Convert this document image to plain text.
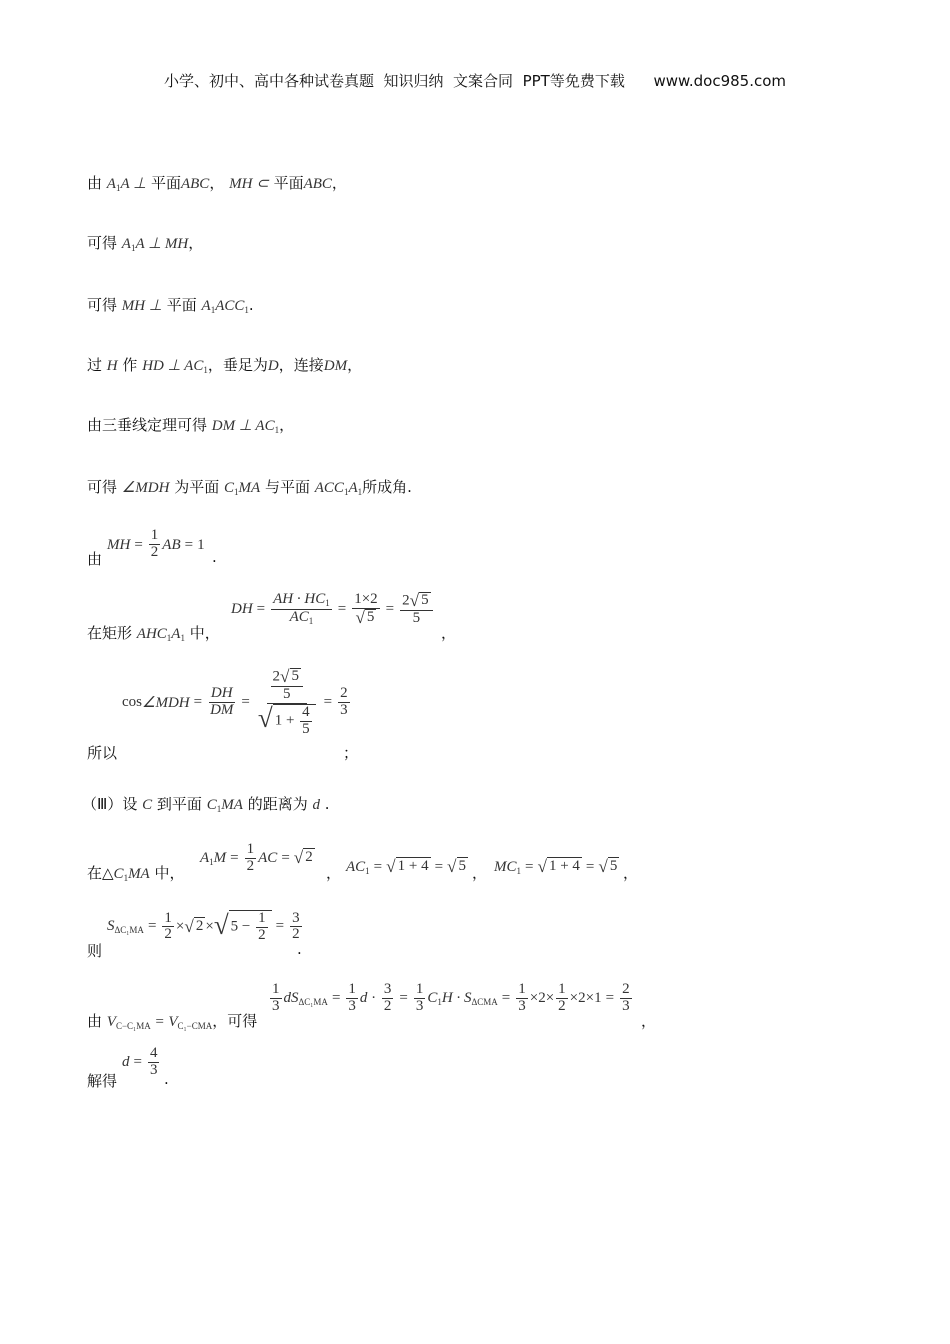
小学、初中、高中各种试卷真题  知识归纳  文案合同  PPT等免费下载      www.doc985.com
由 $A_1A$ ⊥ 平面ABC， MH ⊂ 平面ABC，
可得 $A_1A$ ⊥ MH，
可得 MH ⊥ 平面 $A_1ACC_1$.
过 H 作 HD ⊥ $AC_1$，垂足为D，连接DM，
由三垂线定理可得 DM ⊥ $AC_1$，
可得 ∠MDH 为平面 $C_1MA$ 与平面 $ACC_1A_1$所成角.
由
MH = $\frac{1}{2}$ AB = 1
.
在矩形 $AHC_1A_1$ 中，
DH = $\frac{AH \cdot HC_1}{AC_1} = \frac{1\times 2}{√ 5} = \frac{2 √ 5}{5}$
，
cos∠MDH = $\frac{DH}{DM} = \frac{\frac{2 √ 5}{5}}{√ 1 + \frac{4}{5}} = \frac{2}{3}$
所以	；
（Ⅲ）设 C 到平面 $C_1MA$ 的距离为 d .
在$\triangle C_1MA$ 中，
$A_1M = \frac{1}{2}$ AC = √ 2
， $AC_1$ = √ 1 + 4 = √ 5 ， $MC_1$ = √ 1 + 4 = √ 5 ，
则
$S_{\Delta C_1MA} = \frac{1}{2}$ × √ 2 × √ $5 - \frac{1}{2} = \frac{3}{2}$
.
由 $V_{C-C_1MA} = V_{C_1-CMA}$，可得
$\frac{1}{3} dS_{\Delta C_1MA} = \frac{1}{3}$ $d \cdot \frac{3}{2} = \frac{1}{3} C_1H \cdot S_{\Delta CMA} = \frac{1}{3} \times 2\times \frac{1}{2} \times 2\times 1 = \frac{2}{3}$
，
解得
$d = \frac{4}{3}$
.
